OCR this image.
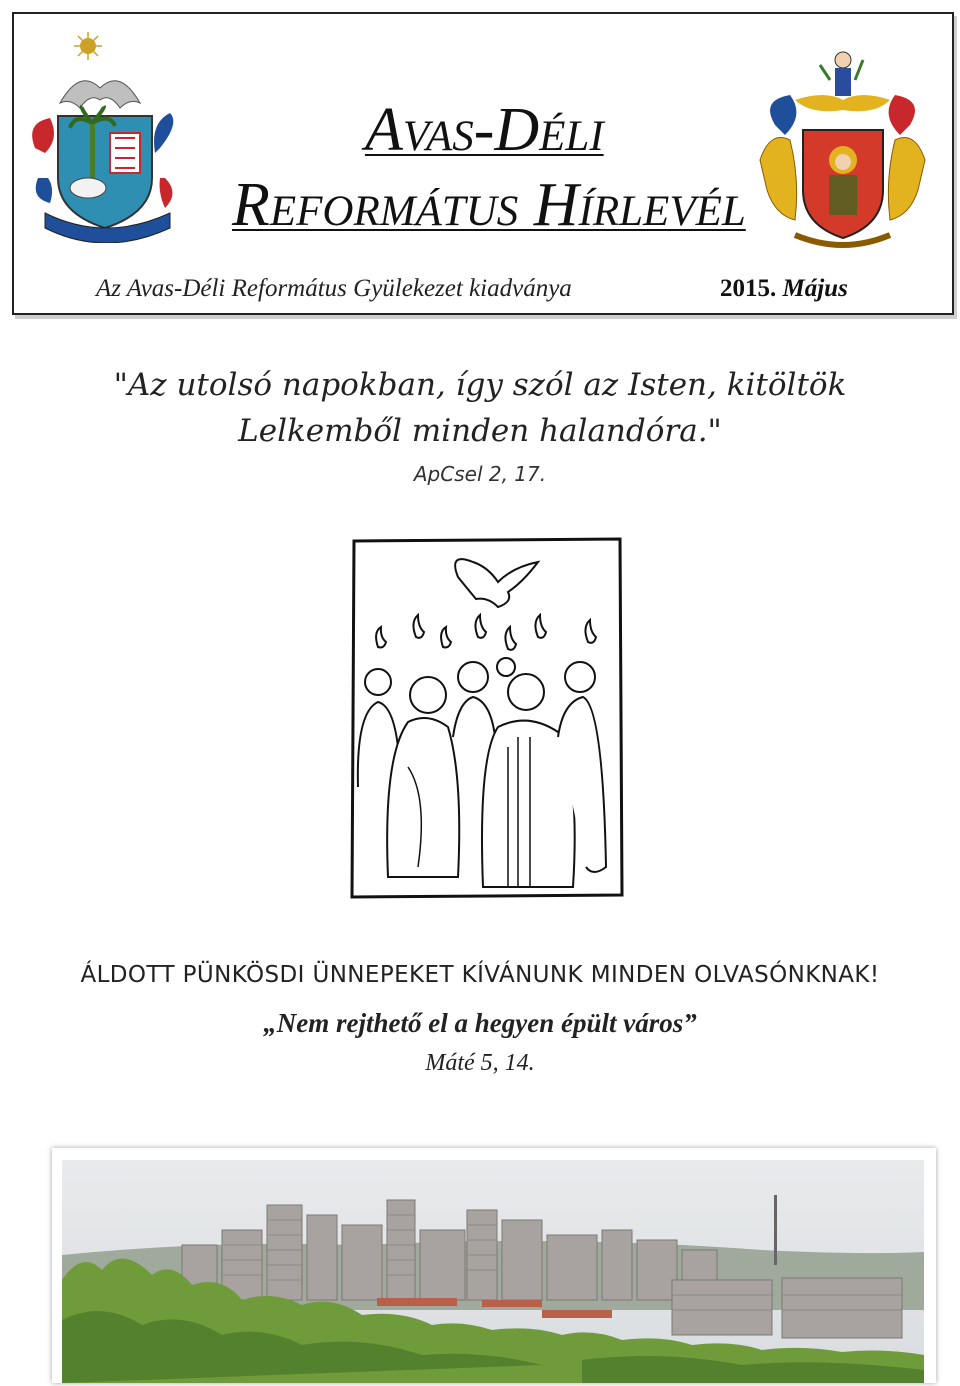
Avas-Déli
Református Hírlevél
Az Avas-Déli Református Gyülekezet kiadványa	2015. Május
"Az utolsó napokban, így szól az Isten, kitöltök
Lelkemből minden halandóra."
ApCsel 2, 17.
ÁLDOTT PÜNKÖSDI ÜNNEPEKET KÍVÁNUNK MINDEN OLVASÓNKNAK!
„Nem rejthető el a hegyen épült város”
Máté 5, 14.
